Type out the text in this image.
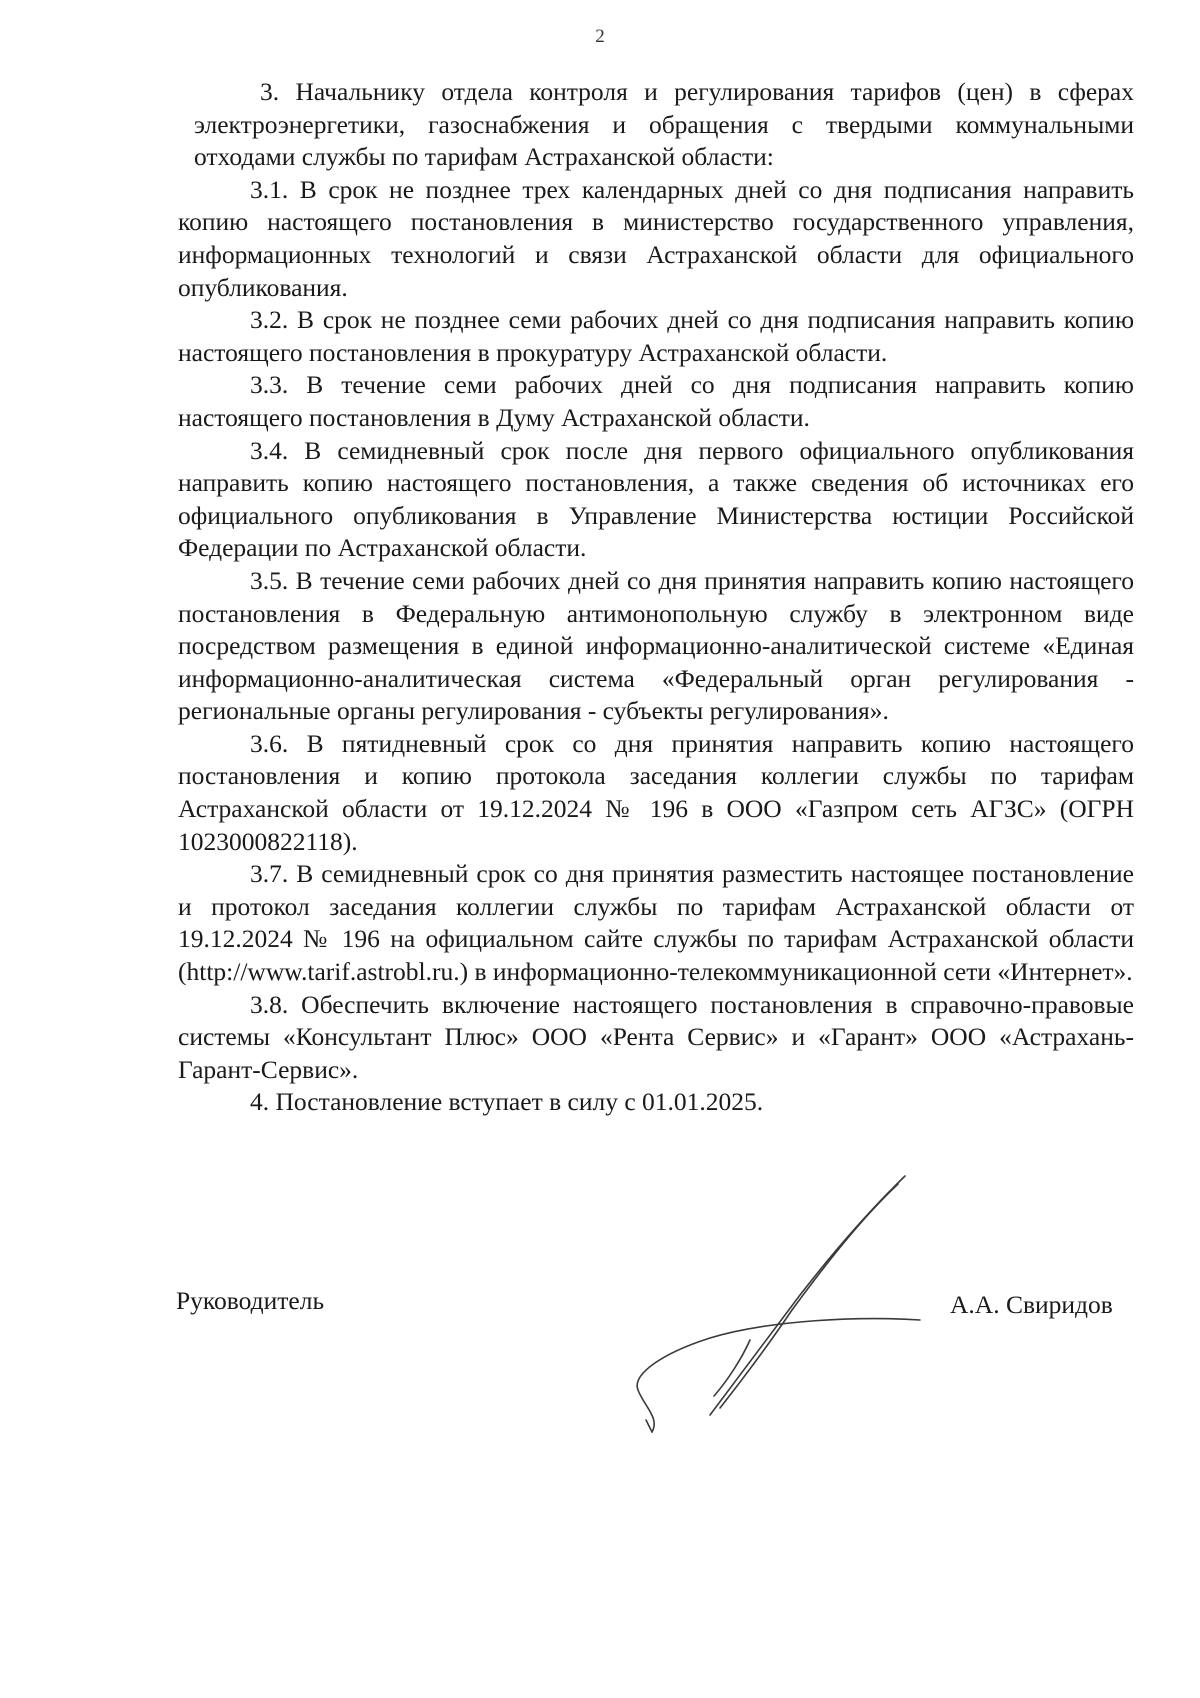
2

3. Начальнику отдела контроля и регулирования тарифов (цен) в сферах электроэнергетики, газоснабжения и обращения с твердыми коммунальными отходами службы по тарифам Астраханской области:

3.1. В срок не позднее трех календарных дней со дня подписания направить копию настоящего постановления в министерство государственного управления, информационных технологий и связи Астраханской области для официального опубликования.

3.2. В срок не позднее семи рабочих дней со дня подписания направить копию настоящего постановления в прокуратуру Астраханской области.

3.3. В течение семи рабочих дней со дня подписания направить копию настоящего постановления в Думу Астраханской области.

3.4. В семидневный срок после дня первого официального опубликования направить копию настоящего постановления, а также сведения об источниках его официального опубликования в Управление Министерства юстиции Российской Федерации по Астраханской области.

3.5. В течение семи рабочих дней со дня принятия направить копию настоящего постановления в Федеральную антимонопольную службу в электронном виде посредством размещения в единой информационно-аналитической системе «Единая информационно-аналитическая система «Федеральный орган регулирования - региональные органы регулирования - субъекты регулирования».

3.6. В пятидневный срок со дня принятия направить копию настоящего постановления и копию протокола заседания коллегии службы по тарифам Астраханской области от 19.12.2024 № 196 в ООО «Газпром сеть АГЗС» (ОГРН 1023000822118).

3.7. В семидневный срок со дня принятия разместить настоящее постановление и протокол заседания коллегии службы по тарифам Астраханской области от 19.12.2024 № 196 на официальном сайте службы по тарифам Астраханской области (http://www.tarif.astrobl.ru.) в информационно-телекоммуникационной сети «Интернет».

3.8. Обеспечить включение настоящего постановления в справочно-правовые системы «Консультант Плюс» ООО «Рента Сервис» и «Гарант» ООО «Астрахань-Гарант-Сервис».

4. Постановление вступает в силу с 01.01.2025.

Руководитель	А.А. Свиридов
